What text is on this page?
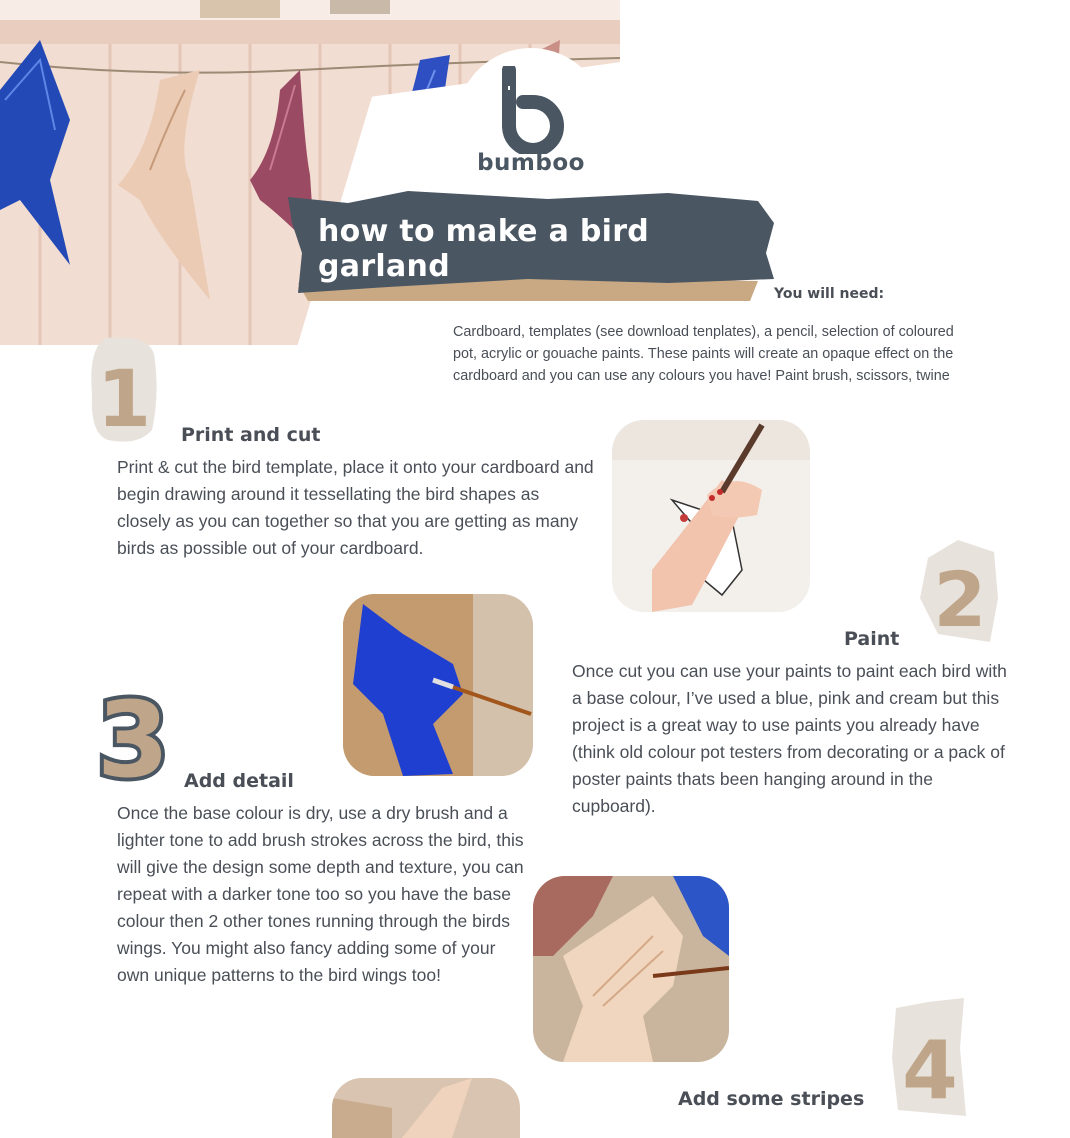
bumboo
how to make a bird garland
You will need:
Cardboard, templates (see download tenplates), a pencil, selection of coloured pot, acrylic or gouache paints. These paints will create an opaque effect on the cardboard and you can use any colours you have! Paint brush, scissors, twine
1 Print and cut
Print & cut the bird template, place it onto your cardboard and begin drawing around it tessellating the bird shapes as closely as you can together so that you are getting as many birds as possible out of your cardboard.
2
Paint
Once cut you can use your paints to paint each bird with a base colour, I’ve used a blue, pink and cream but this project is a great way to use paints you already have (think old colour pot testers from decorating or a pack of poster paints thats been hanging around in the cupboard).
3 Add detail
Once the base colour is dry, use a dry brush and a lighter tone to add brush strokes across the bird, this will give the design some depth and texture, you can repeat with a darker tone too so you have the base colour then 2 other tones running through the birds wings. You might also fancy adding some of your own unique patterns to the bird wings too!
4
Add some stripes
